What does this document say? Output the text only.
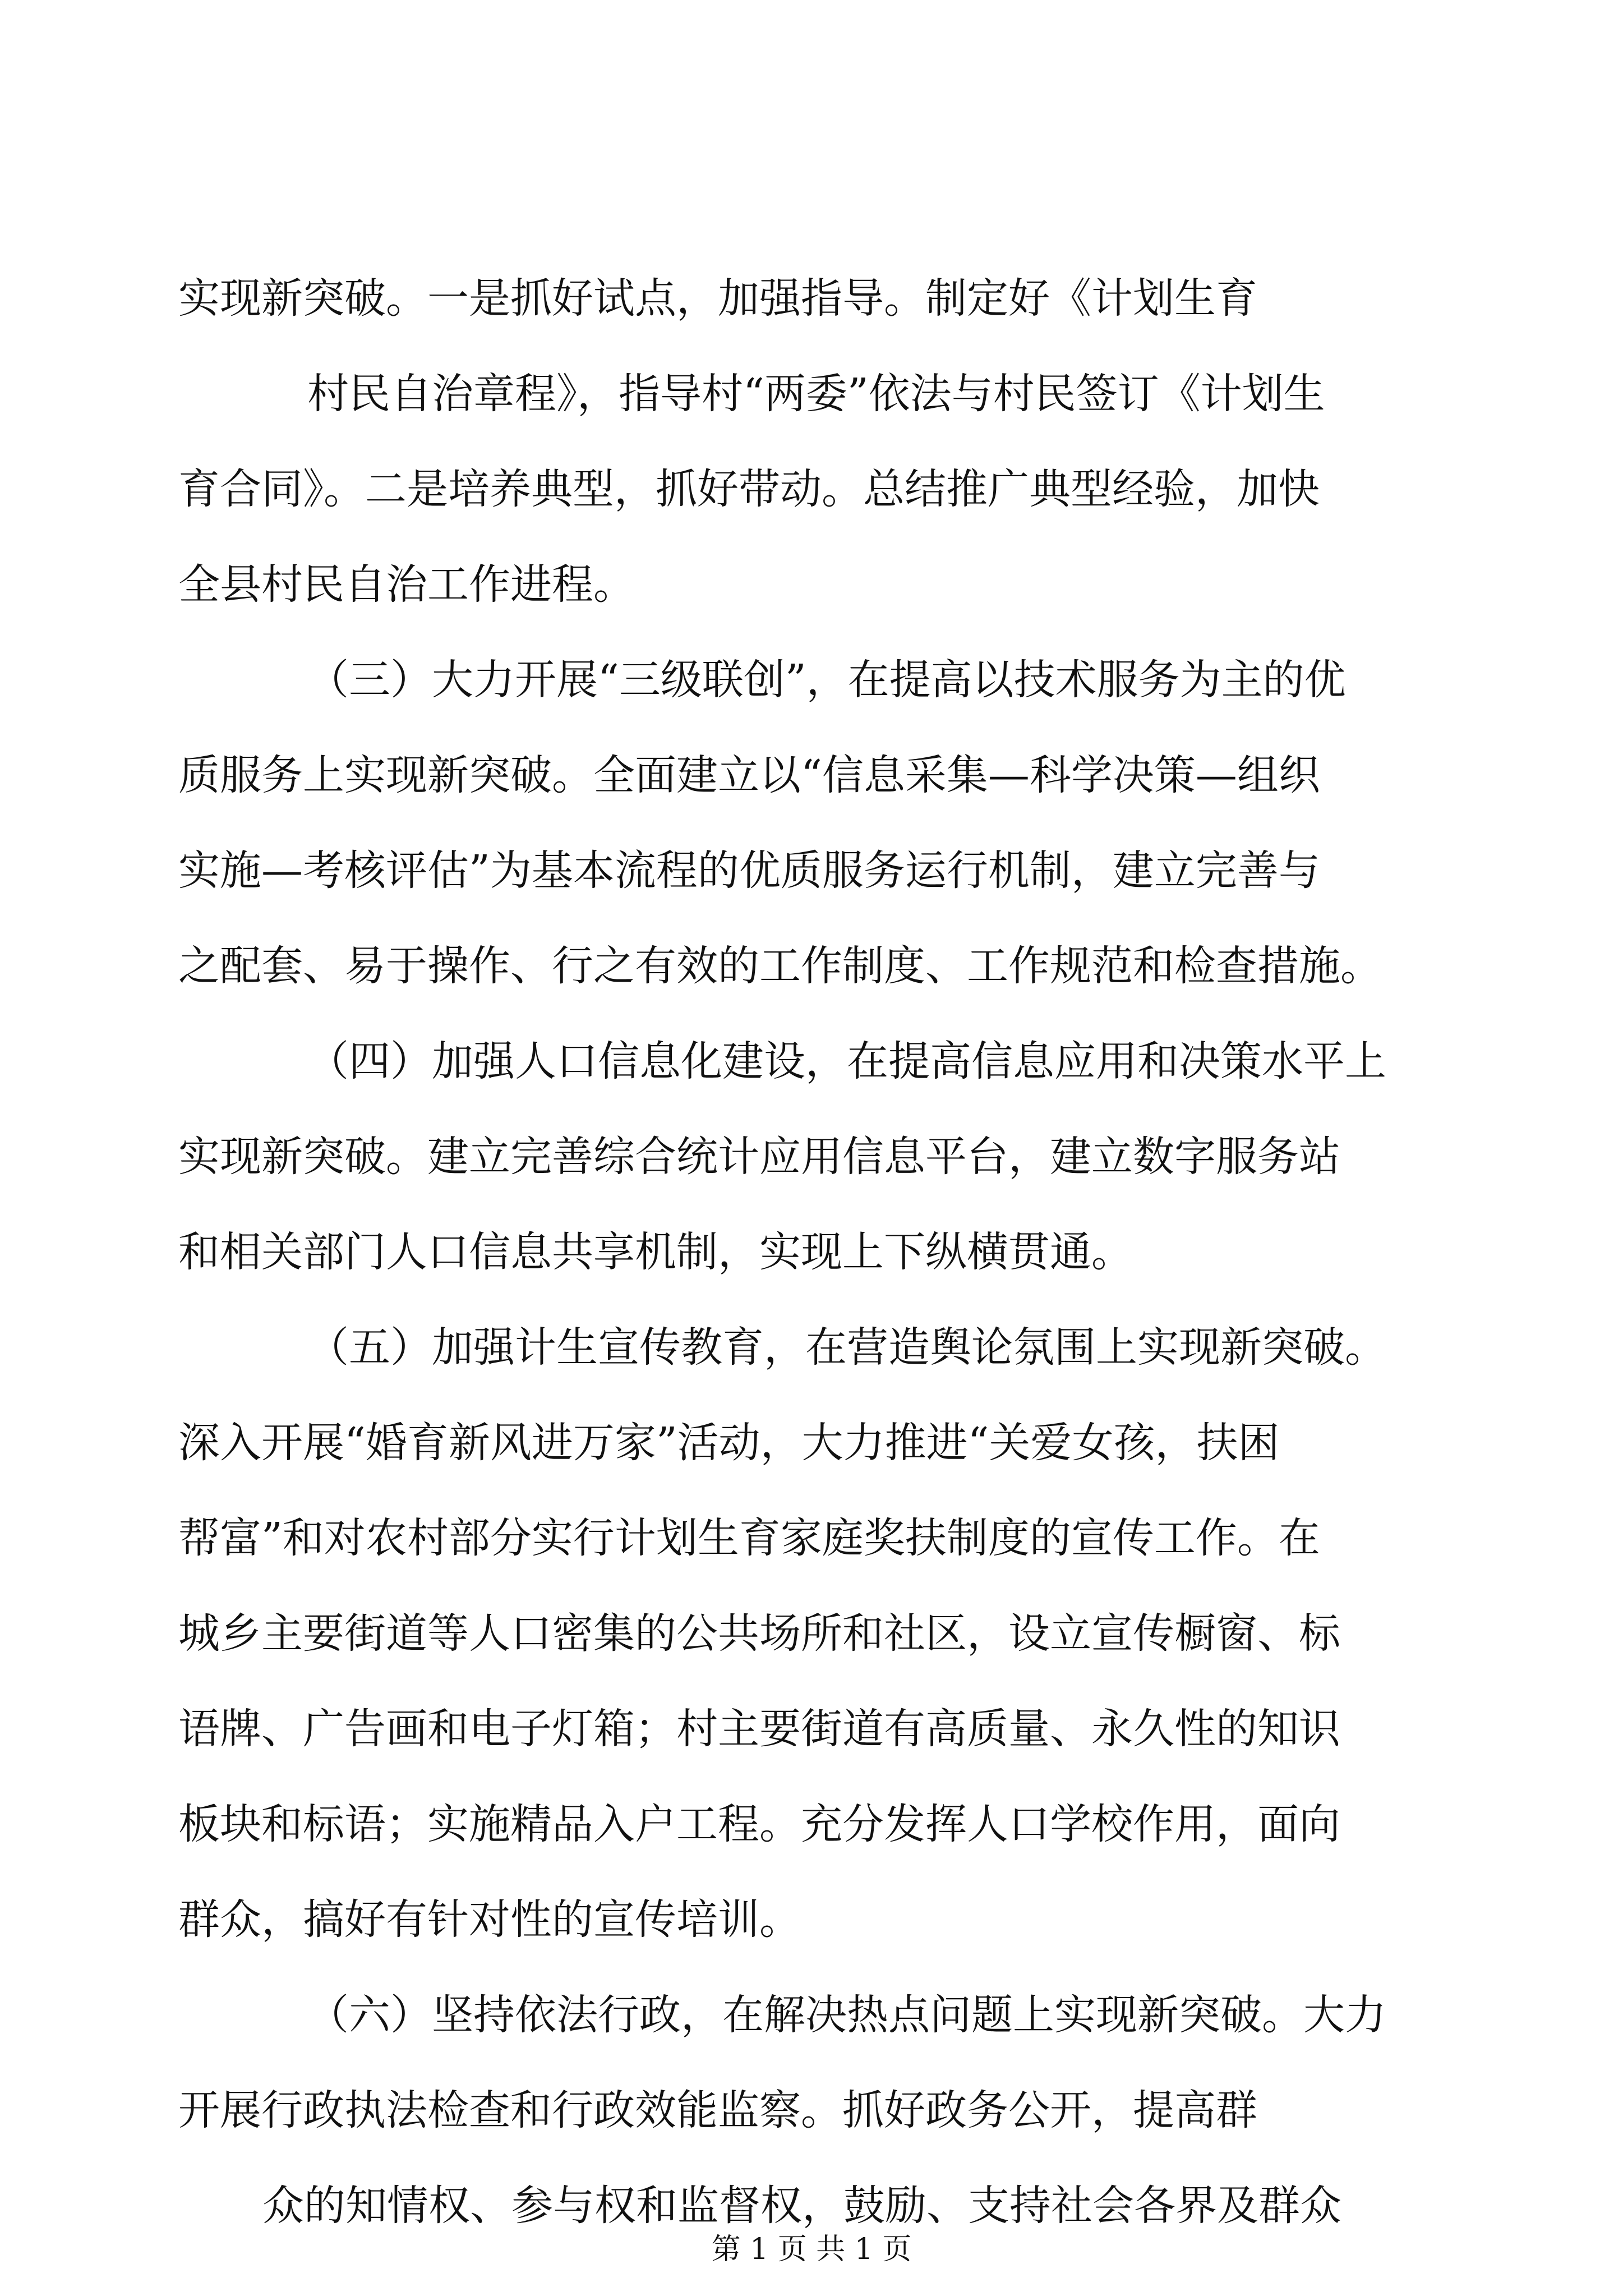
实现新突破。一是抓好试点，加强指导。制定好《计划生育
村民自治章程》，指导村“两委”依法与村民签订《计划生
育合同》。二是培养典型，抓好带动。总结推广典型经验，加快
全县村民自治工作进程。
（三）大力开展“三级联创”，在提高以技术服务为主的优
质服务上实现新突破。全面建立以“信息采集—科学决策—组织
实施—考核评估”为基本流程的优质服务运行机制，建立完善与
之配套、易于操作、行之有效的工作制度、工作规范和检查措施。
（四）加强人口信息化建设，在提高信息应用和决策水平上
实现新突破。建立完善综合统计应用信息平台，建立数字服务站
和相关部门人口信息共享机制，实现上下纵横贯通。
（五）加强计生宣传教育，在营造舆论氛围上实现新突破。
深入开展“婚育新风进万家”活动，大力推进“关爱女孩，扶困
帮富”和对农村部分实行计划生育家庭奖扶制度的宣传工作。在
城乡主要街道等人口密集的公共场所和社区，设立宣传橱窗、标
语牌、广告画和电子灯箱；村主要街道有高质量、永久性的知识
板块和标语；实施精品入户工程。充分发挥人口学校作用，面向
群众，搞好有针对性的宣传培训。
（六）坚持依法行政，在解决热点问题上实现新突破。大力
开展行政执法检查和行政效能监察。抓好政务公开，提高群
众的知情权、参与权和监督权，鼓励、支持社会各界及群众
第 1 页 共 1 页
